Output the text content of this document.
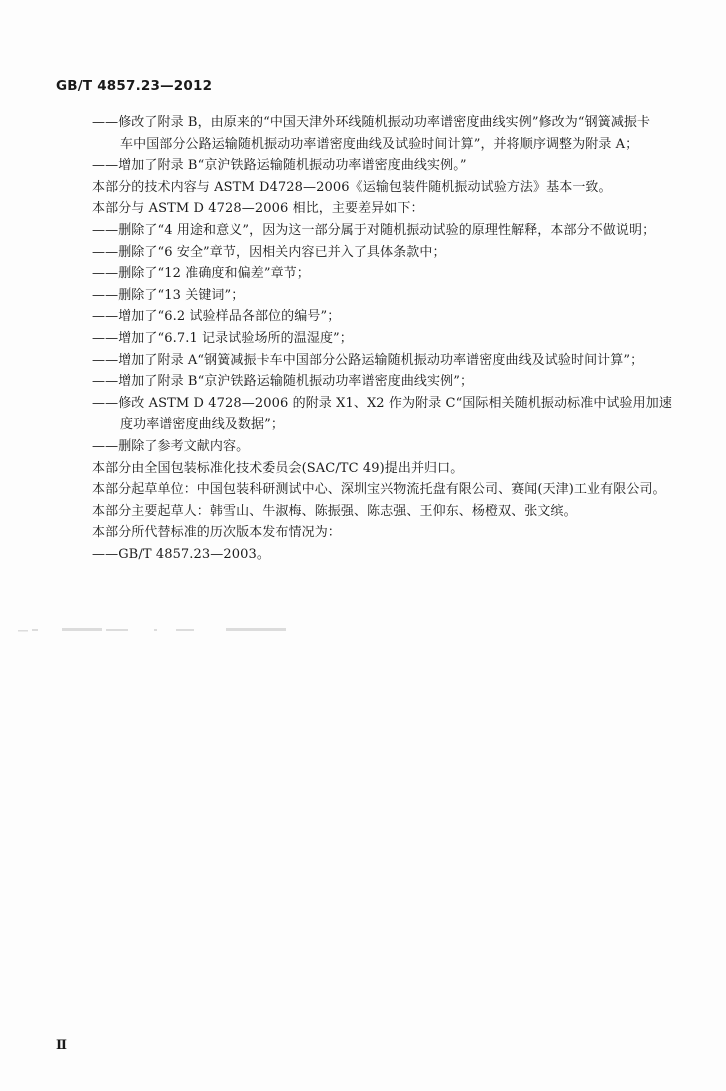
GB/T 4857.23—2012
——修改了附录 B，由原来的“中国天津外环线随机振动功率谱密度曲线实例”修改为“钢簧减振卡
车中国部分公路运输随机振动功率谱密度曲线及试验时间计算”，并将顺序调整为附录 A；
——增加了附录 B“京沪铁路运输随机振动功率谱密度曲线实例。”
本部分的技术内容与 ASTM D4728—2006《运输包装件随机振动试验方法》基本一致。
本部分与 ASTM D 4728—2006 相比，主要差异如下：
——删除了“4 用途和意义”，因为这一部分属于对随机振动试验的原理性解释，本部分不做说明；
——删除了“6 安全”章节，因相关内容已并入了具体条款中；
——删除了“12 准确度和偏差”章节；
——删除了“13 关键词”；
——增加了“6.2 试验样品各部位的编号”；
——增加了“6.7.1 记录试验场所的温湿度”；
——增加了附录 A“钢簧减振卡车中国部分公路运输随机振动功率谱密度曲线及试验时间计算”；
——增加了附录 B“京沪铁路运输随机振动功率谱密度曲线实例”；
——修改 ASTM D 4728—2006 的附录 X1、X2 作为附录 C“国际相关随机振动标准中试验用加速
度功率谱密度曲线及数据”；
——删除了参考文献内容。
本部分由全国包装标准化技术委员会(SAC/TC 49)提出并归口。
本部分起草单位：中国包装科研测试中心、深圳宝兴物流托盘有限公司、赛闻(天津)工业有限公司。
本部分主要起草人：韩雪山、牛淑梅、陈振强、陈志强、王仰东、杨橙双、张文缤。
本部分所代替标准的历次版本发布情况为：
——GB/T 4857.23—2003。
Ⅱ
